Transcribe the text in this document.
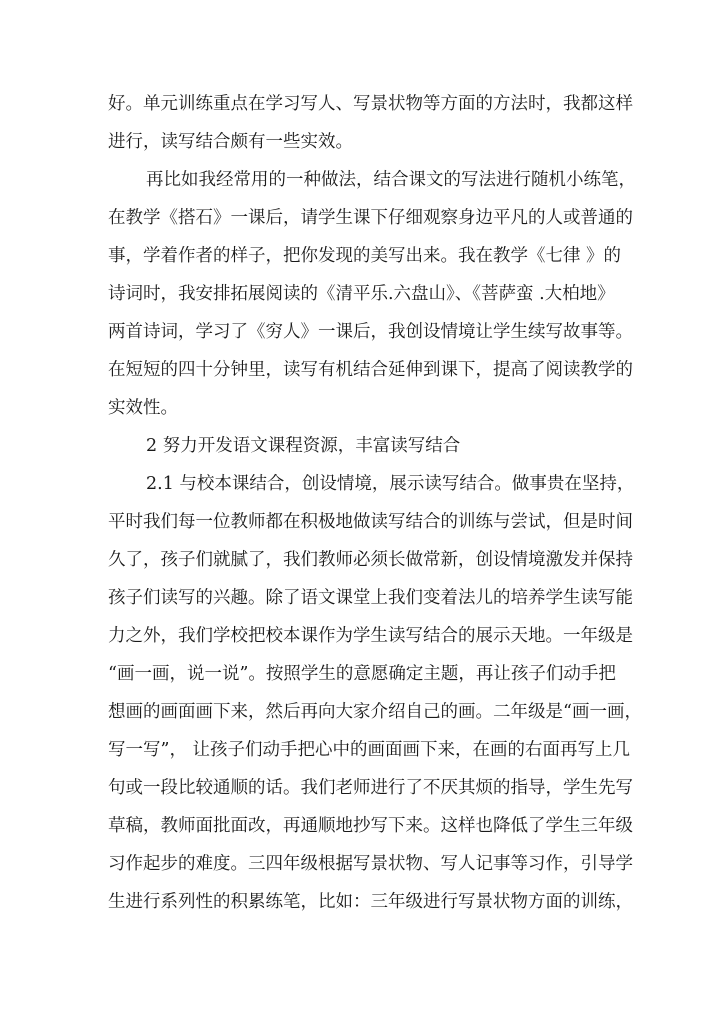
好。单元训练重点在学习写人、写景状物等方面的方法时，我都这样
进行，读写结合颇有一些实效。
再比如我经常用的一种做法，结合课文的写法进行随机小练笔，
在教学《搭石》一课后，请学生课下仔细观察身边平凡的人或普通的
事，学着作者的样子，把你发现的美写出来。我在教学《七律 》的
诗词时，我安排拓展阅读的《清平乐.六盘山》、《菩萨蛮 .大柏地》
两首诗词，学习了《穷人》一课后，我创设情境让学生续写故事等。
在短短的四十分钟里，读写有机结合延伸到课下，提高了阅读教学的
实效性。
2 努力开发语文课程资源，丰富读写结合
2.1 与校本课结合，创设情境，展示读写结合。做事贵在坚持，
平时我们每一位教师都在积极地做读写结合的训练与尝试，但是时间
久了，孩子们就腻了，我们教师必须长做常新，创设情境激发并保持
孩子们读写的兴趣。除了语文课堂上我们变着法儿的培养学生读写能
力之外，我们学校把校本课作为学生读写结合的展示天地。一年级是
“画一画，说一说”。按照学生的意愿确定主题，再让孩子们动手把
想画的画面画下来，然后再向大家介绍自己的画。二年级是“画一画，
写一写”， 让孩子们动手把心中的画面画下来，在画的右面再写上几
句或一段比较通顺的话。我们老师进行了不厌其烦的指导，学生先写
草稿，教师面批面改，再通顺地抄写下来。这样也降低了学生三年级
习作起步的难度。三四年级根据写景状物、写人记事等习作，引导学
生进行系列性的积累练笔，比如：三年级进行写景状物方面的训练，
